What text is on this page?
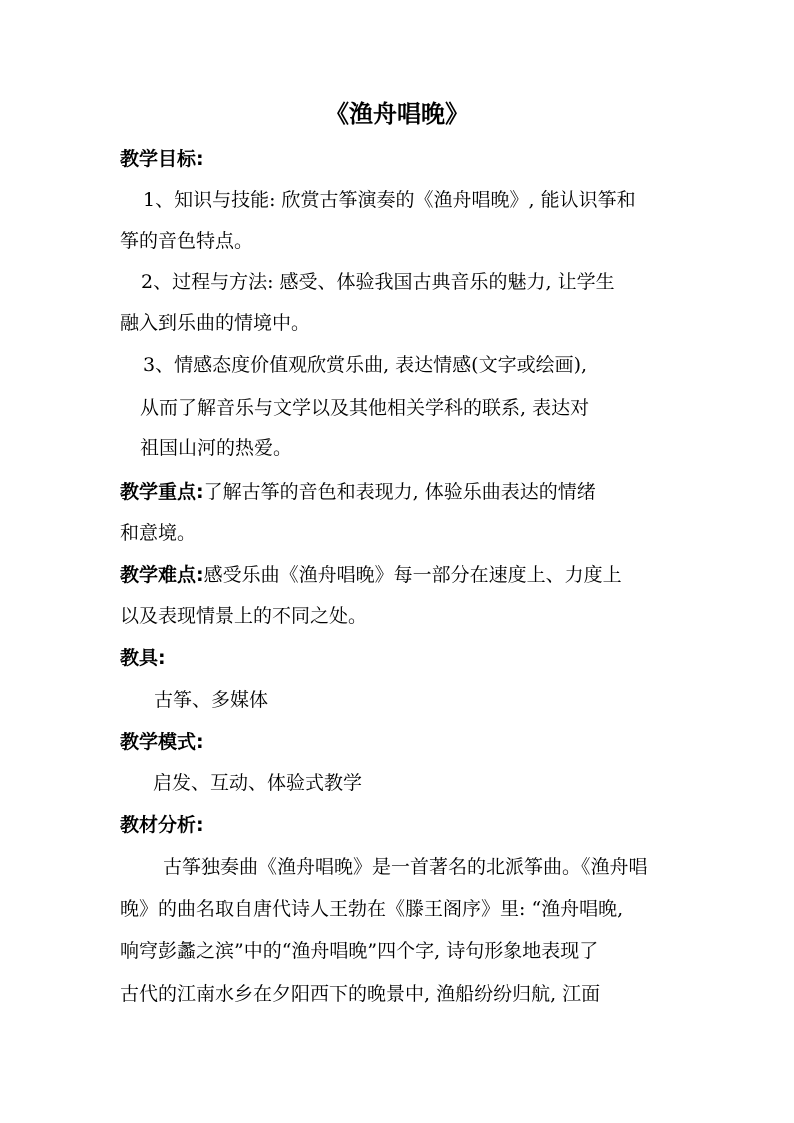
《渔舟唱晚》
教学目标:
1、知识与技能: 欣赏古筝演奏的《渔舟唱晚》, 能认识筝和
筝的音色特点。
2、过程与方法: 感受、体验我国古典音乐的魅力, 让学生
融入到乐曲的情境中。
3、情感态度价值观欣赏乐曲, 表达情感(文字或绘画),
从而了解音乐与文学以及其他相关学科的联系, 表达对
祖国山河的热爱。
教学重点:了解古筝的音色和表现力, 体验乐曲表达的情绪
和意境。
教学难点:感受乐曲《渔舟唱晚》每一部分在速度上、力度上
以及表现情景上的不同之处。
教具:
古筝、多媒体
教学模式:
启发、互动、体验式教学
教材分析:
古筝独奏曲《渔舟唱晚》是一首著名的北派筝曲。《渔舟唱
晚》的曲名取自唐代诗人王勃在《滕王阁序》里: “渔舟唱晚,
响穹彭蠡之滨”中的“渔舟唱晚”四个字, 诗句形象地表现了
古代的江南水乡在夕阳西下的晚景中, 渔船纷纷归航, 江面
